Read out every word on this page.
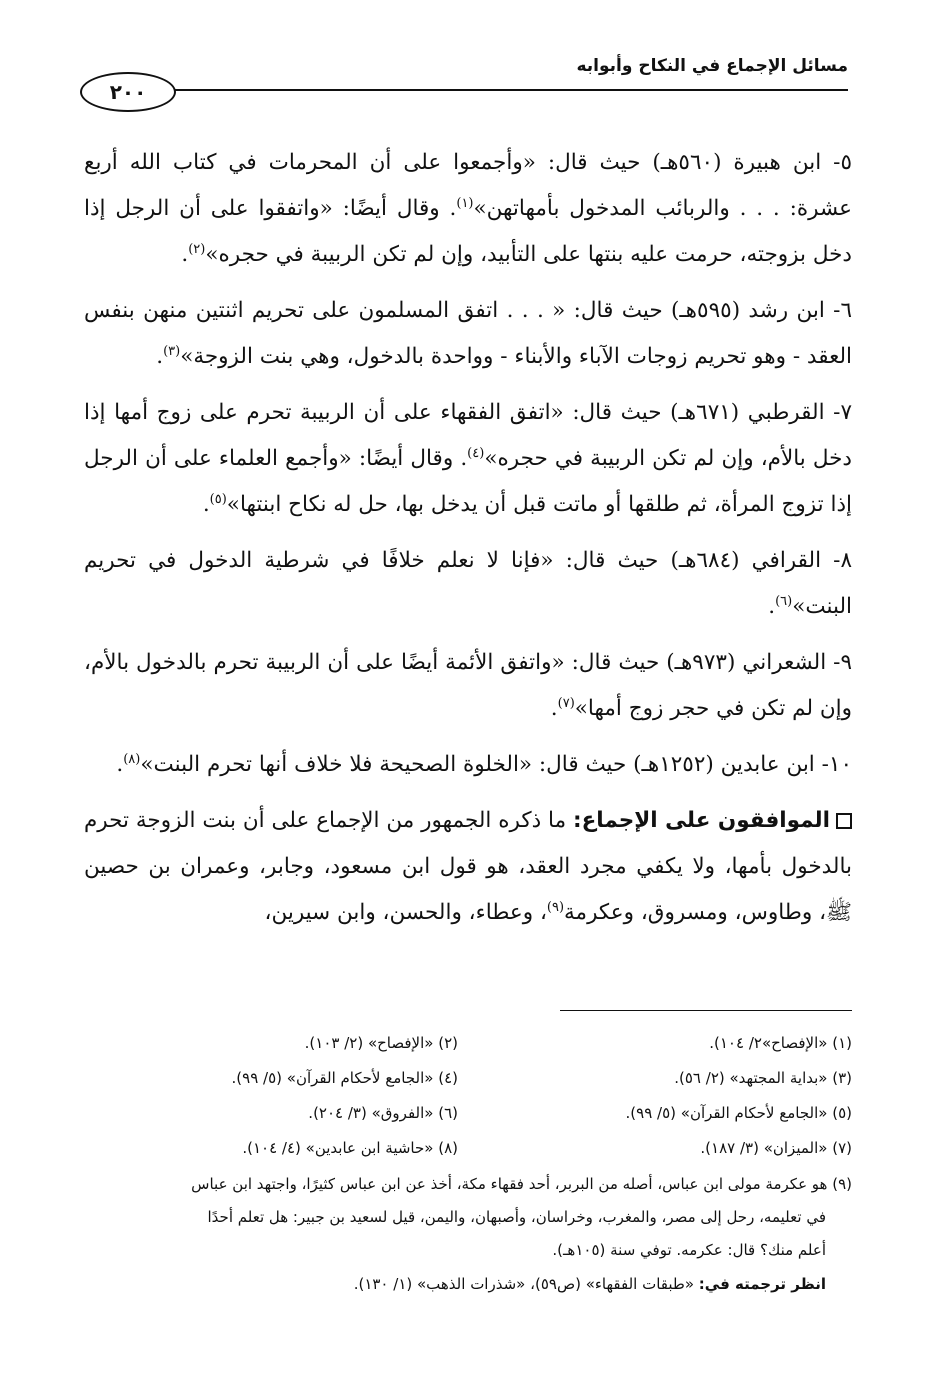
مسائل الإجماع في النكاح وأبوابه
٢٠٠

٥- ابن هبيرة (٥٦٠هـ) حيث قال: «وأجمعوا على أن المحرمات في كتاب الله أربع عشرة: . . . والربائب المدخول بأمهاتهن»$^{(١)}$. وقال أيضًا: «واتفقوا على أن الرجل إذا دخل بزوجته، حرمت عليه بنتها على التأبيد، وإن لم تكن الربيبة في حجره»$^{(٢)}$.

٦- ابن رشد (٥٩٥هـ) حيث قال: « . . . اتفق المسلمون على تحريم اثنتين منهن بنفس العقد - وهو تحريم زوجات الآباء والأبناء - وواحدة بالدخول، وهي بنت الزوجة»$^{(٣)}$.

٧- القرطبي (٦٧١هـ) حيث قال: «اتفق الفقهاء على أن الربيبة تحرم على زوج أمها إذا دخل بالأم، وإن لم تكن الربيبة في حجره»$^{(٤)}$. وقال أيضًا: «وأجمع العلماء على أن الرجل إذا تزوج المرأة، ثم طلقها أو ماتت قبل أن يدخل بها، حل له نكاح ابنتها»$^{(٥)}$.

٨- القرافي (٦٨٤هـ) حيث قال: «فإنا لا نعلم خلافًا في شرطية الدخول في تحريم البنت»$^{(٦)}$.

٩- الشعراني (٩٧٣هـ) حيث قال: «واتفق الأئمة أيضًا على أن الربيبة تحرم بالدخول بالأم، وإن لم تكن في حجر زوج أمها»$^{(٧)}$.

١٠- ابن عابدين (١٢٥٢هـ) حيث قال: «الخلوة الصحيحة فلا خلاف أنها تحرم البنت»$^{(٨)}$.

الموافقون على الإجماع: ما ذكره الجمهور من الإجماع على أن بنت الزوجة تحرم بالدخول بأمها، ولا يكفي مجرد العقد، هو قول ابن مسعود، وجابر، وعمران بن حصين ﷺ، وطاوس، ومسروق، وعكرمة$^{(٩)}$، وعطاء، والحسن، وابن سيرين،

(١) «الإفصاح»٢/ ١٠٤).
(٢) «الإفصاح» (٢/ ١٠٣).
(٣) «بداية المجتهد» (٢/ ٥٦).
(٤) «الجامع لأحكام القرآن» (٥/ ٩٩).
(٥) «الجامع لأحكام القرآن» (٥/ ٩٩).
(٦) «الفروق» (٣/ ٢٠٤).
(٧) «الميزان» (٣/ ١٨٧).
(٨) «حاشية ابن عابدين» (٤/ ١٠٤).
(٩) هو عكرمة مولى ابن عباس، أصله من البربر، أحد فقهاء مكة، أخذ عن ابن عباس كثيرًا، واجتهد ابن عباس
في تعليمه، رحل إلى مصر، والمغرب، وخراسان، وأصبهان، واليمن، قيل لسعيد بن جبير: هل تعلم أحدًا
أعلم منك؟ قال: عكرمه. توفي سنة (١٠٥هـ).
انظر ترجمته في: «طبقات الفقهاء» (ص٥٩)، «شذرات الذهب» (١/ ١٣٠).
